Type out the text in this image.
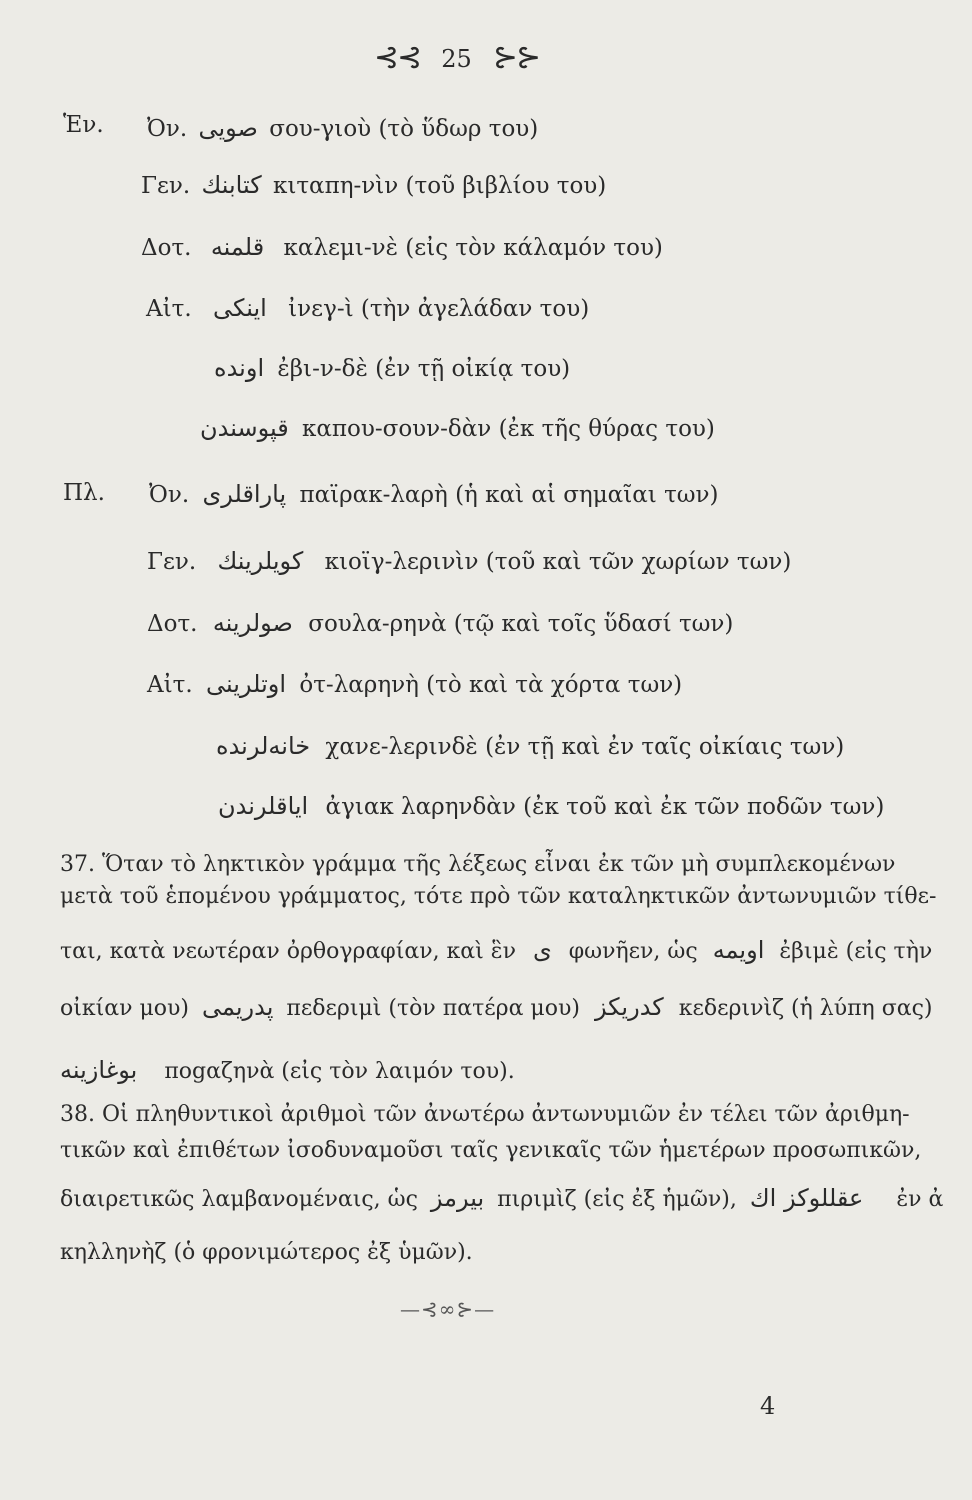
⊰⊰ 25 ⊱⊱
Ἑν. Ὀν. صويى σου-γιοὺ (τὸ ὕδωρ του)
Γεν. كتابنك κιταπη-νὶν (τοῦ βιβλίου του)
Δοτ. قلمنه καλεμι-νὲ (εἰς τὸν κάλαμόν του)
Αἰτ. اينكى ἰνεγ-ὶ (τὴν ἀγελάδαν του)
اونده ἐβι-ν-δὲ (ἐν τῇ οἰκίᾳ του)
قپوسندن καπου-σουν-δὰν (ἐκ τῆς θύρας του)
Πλ. Ὀν. پاراقلرى παϊρακ-λαρὴ (ἡ καὶ αἱ σημαῖαι των)
Γεν. كويلرينك κιοϊγ-λερινὶν (τοῦ καὶ τῶν χωρίων των)
Δοτ. صولرينه σουλα-ρηνὰ (τῷ καὶ τοῖς ὕδασί των)
Αἰτ. اوتلرينى ὀτ-λαρηνὴ (τὸ καὶ τὰ χόρτα των)
خانه‌لرنده χανε-λερινδὲ (ἐν τῇ καὶ ἐν ταῖς οἰκίαις των)
اياقلرندن ἀγιακ λαρηνδὰν (ἐκ τοῦ καὶ ἐκ τῶν ποδῶν των)
37. Ὅταν τὸ ληκτικὸν γράμμα τῆς λέξεως εἶναι ἐκ τῶν μὴ συμπλεκομένων
μετὰ τοῦ ἑπομένου γράμματος, τότε πρὸ τῶν καταληκτικῶν ἀντωνυμιῶν τίθε-
ται, κατὰ νεωτέραν ὀρθογραφίαν, καὶ ἓν ى φωνῆεν, ὡς اويمه ἐβιμὲ (εἰς τὴν
οἰκίαν μου) پدريمى πεδεριμὶ (τὸν πατέρα μου) كدريكز κεδερινὶζ (ἡ λύπη σας)
بوغازينه ποgαζηνὰ (εἰς τὸν λαιμόν του).
38. Οἱ πληθυντικοὶ ἀριθμοὶ τῶν ἀνωτέρω ἀντωνυμιῶν ἐν τέλει τῶν ἀριθμη-
τικῶν καὶ ἐπιθέτων ἰσοδυναμοῦσι ταῖς γενικαῖς τῶν ἡμετέρων προσωπικῶν,
διαιρετικῶς λαμβανομέναις, ὡς بيرمز πιριμὶζ (εἰς ἐξ ἡμῶν), عقللوكز اك ἐν ἀ
κηλληνὴζ (ὁ φρονιμώτερος ἐξ ὑμῶν).
—⊰∞⊱—
4
